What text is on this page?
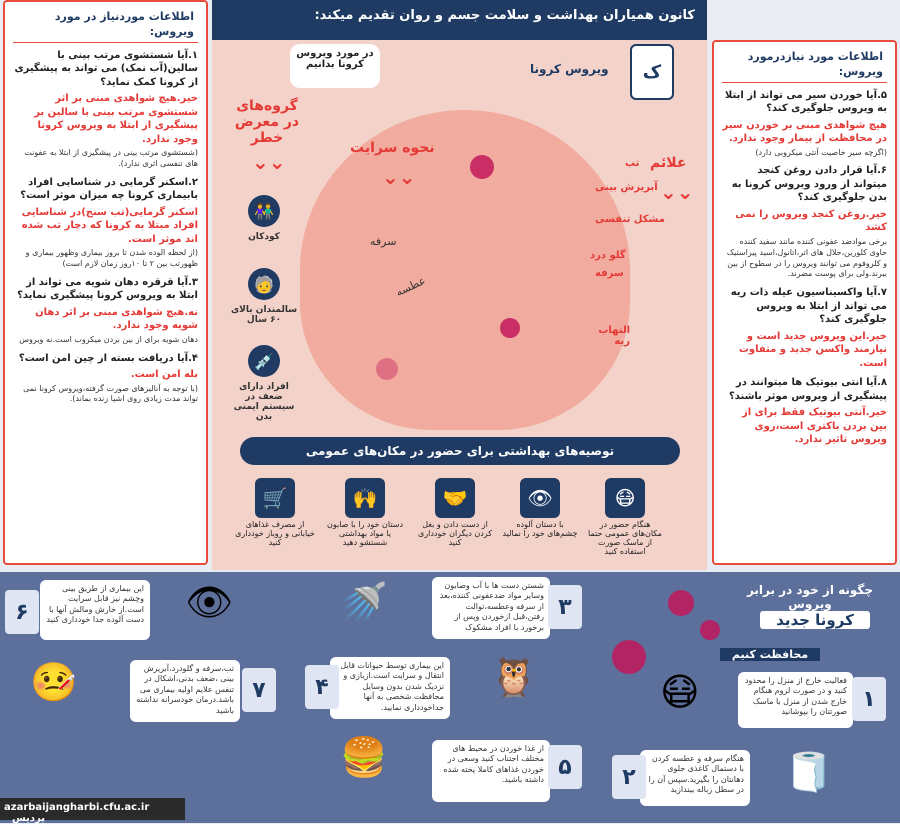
کانون همیاران بهداشت و سلامت جسم و روان تقدیم میکند:
ک
ویروس کرونا
در مورد ویروس کرونا بدانیم
گروه‌های در معرض خطر
⌄⌄
نحوه سرایت
⌄⌄
علائم
⌄⌄
تب
آبریزش بینی
مشکل تنفسی
گلو درد
سرفه
التهاب ریه
سرفه
عطسه
👫
کودکان
🧓
سالمندان بالای ۶۰ سال
💉
افراد دارای ضعف در سیستم ایمنی بدن
توصیه‌های بهداشتی برای حضور در مکان‌های عمومی
😷
هنگام حضور در مکان‌های عمومی حتما از ماسک صورت استفاده کنید
👁
با دستان آلوده چشم‌های خود را نمالید
🤝
از دست دادن و بغل کردن دیگران خودداری کنید
🙌
دستان خود را با صابون یا مواد بهداشتی شستشو دهید
🛒
از مصرف غذاهای خیابانی و روباز خودداری کنید
اطلاعات موردنیاز در مورد ویروس:
۱.آیا شستشوی مرتب بینی با سالین(آب نمک) می تواند به پیشگیری از کرونا کمک نماید؟
خیر.هیچ شواهدی مبنی بر اثر شستشوی مرتب بینی با سالین بر پیشگیری از ابتلا به ویروس کرونا وجود ندارد.
(شستشوی مرتب بینی در پیشگیری از ابتلا به عفونت های تنفسی اثری ندارد).
۲.اسکنر گرمایی در شناسایی افراد بابیماری کرونا چه میزان موثر است؟
اسکنر گرمایی(تب سنج)در شناسایی افراد مبتلا به کرونا که دچار تب شده اند موثر است.
(از لحظه الوده شدن تا بروز بیماری وظهور بیماری و ظهورتب بین ۲ تا ۱۰روز زمان لازم است)
۳.آیا قرقره دهان شویه می تواند از ابتلا به ویروس کرونا پیشگیری نماید؟
نه.هیچ شواهدی مبنی بر اثر دهان شویه وجود ندارد.
دهان شویه برای از بین بردن میکروب است.نه ویروس
۴.آیا دریافت بسته از چین امن است؟
بله امن است.
(با توجه به آنالیزهای صورت گرفته،ویروس کرونا نمی تواند مدت زیادی روی اشیا زنده بماند).
اطلاعات مورد نیازدرمورد ویروس:
۵.آیا خوردن سیر می تواند از ابتلا به ویروس جلوگیری کند؟
هیچ شواهدی مبنی بر خوردن سیر در محافظت از بیمار وجود ندارد.
(اگرچه سیر خاصیت آنتی میکروبی دارد)
۶.آیا قرار دادن روغن کنجد میتواند از ورود ویروس کرونا به بدن جلوگیری کند؟
خیر.روغن کنجد ویروس را نمی کشد
برخی موادضد عفونی کننده مانند سفید کننده حاوی کلورین،حلال های اتر،اتانول،اسید پیراستیک و کلروفوم می توانند ویروس را در سطوح از بین ببرند.ولی برای پوست مضرند.
۷.آیا واکسیناسیون عیله ذات ریه می تواند از ابتلا به ویروس جلوگیری کند؟
خیر.این ویروس جدید است و نیازمند واکسن جدید و متفاوت است.
۸.آیا انتی بیوتیک ها میتوانند در پیشگیری از ویروس موثر باشند؟
خیر.آنتی بیوتیک فقط برای از بین بردن باکتری است،روی ویروس تاثیر ندارد.
چگونه از خود در برابر ویروس
کرونا جدید
محافظت کنیم
فعالیت خارج از منزل را محدود کنید و در صورت لزوم هنگام خارج شدن از منزل با ماسک صورتتان را بپوشانید
۱
هنگام سرفه و عطسه کردن با دستمال کاغذی جلوی دهانتان را بگیرید.سپس آن را در سطل زباله بیندازید
۲
شستن دست ها با آب وصابون وسایر مواد ضدعفونی کننده،بعد از سرفه وعطسه،توالت رفتن،قبل ازخوردن وپس از برخورد با افراد مشکوک
۳
این بیماری توسط حیوانات قابل انتقال و سرایت است.ازبازی و نزدیک شدن بدون وسایل محافظت شخصی به آنها جداخودداری نمایید.
۴
از غذا خوردن در محیط های مختلف اجتناب کنید وسعی در خوردن غذاهای کاملا پخته شده داشته باشید.
۵
این بیماری از طریق بینی وچشم نیز قابل سرایت است.از خارش ومالش آنها با دست آلوده جدا خودداری کنید
۶
تب،سرفه و گلودرد،آبریزش بینی ،ضعف بدنی،اشکال در تنفس علایم اولیه بیماری می باشد.درمان خودسرانه نداشته باشید
۷
👁	🚿
🦉
🍔
🤒	😷
🧻
azarbaijangharbi.cfu.ac.ir پردیس
